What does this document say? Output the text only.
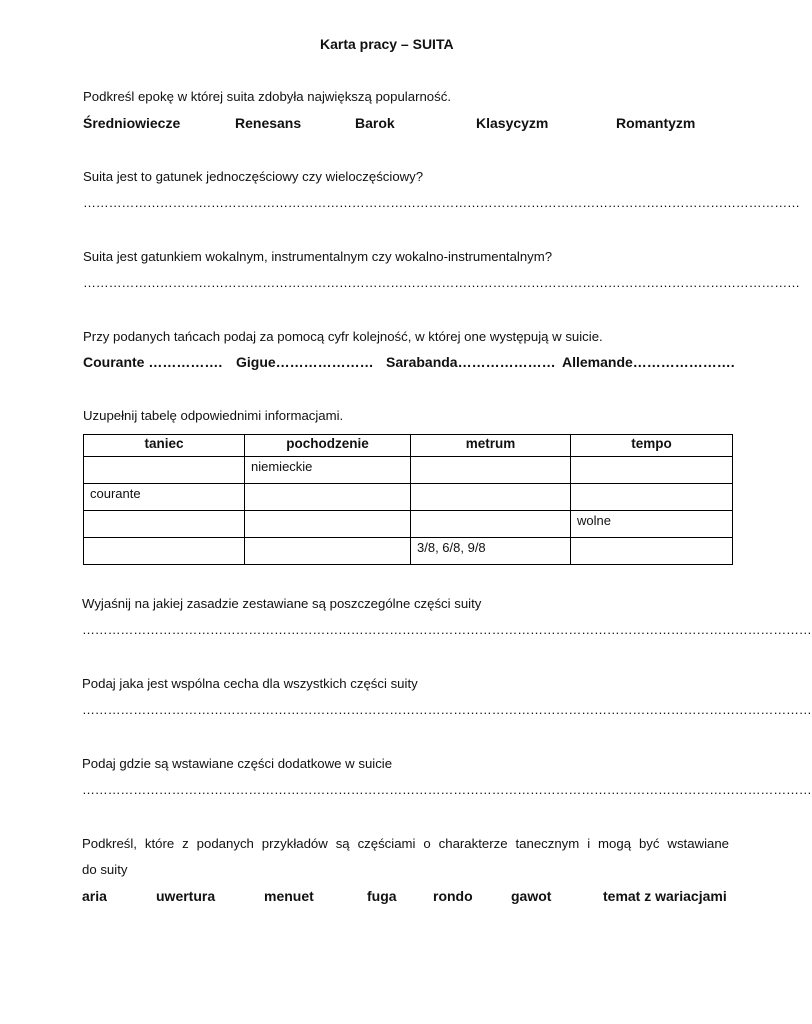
Karta pracy – SUITA
Podkreśl epokę w której suita zdobyła największą popularność.
Średniowiecze	Renesans	Barok	Klasycyzm	Romantyzm
Suita jest to gatunek jednoczęściowy czy wieloczęściowy?
……………………………………………………………………………………………………………………………………………………
Suita jest gatunkiem wokalnym, instrumentalnym czy wokalno-instrumentalnym?
……………………………………………………………………………………………………………………………………………………
Przy podanych tańcach podaj za pomocą cyfr kolejność, w której one występują w suicie.
Courante ……………. Gigue………………… Sarabanda………………… Allemande………………….
Uzupełnij tabelę odpowiednimi informacjami.
taniec	pochodzenie	metrum	tempo
	niemieckie		
courante			
			wolne
		3/8, 6/8, 9/8	
Wyjaśnij na jakiej zasadzie zestawiane są poszczególne części suity
………………………………………………………………………………………………………………………………………………………
Podaj jaka jest wspólna cecha dla wszystkich części suity
………………………………………………………………………………………………………………………………………………………
Podaj gdzie są wstawiane części dodatkowe w suicie
………………………………………………………………………………………………………………………………………………………
Podkreśl, które z podanych przykładów są częściami o charakterze tanecznym i mogą być wstawiane
do suity
aria	uwertura	menuet	fuga	rondo	gawot	temat z wariacjami
